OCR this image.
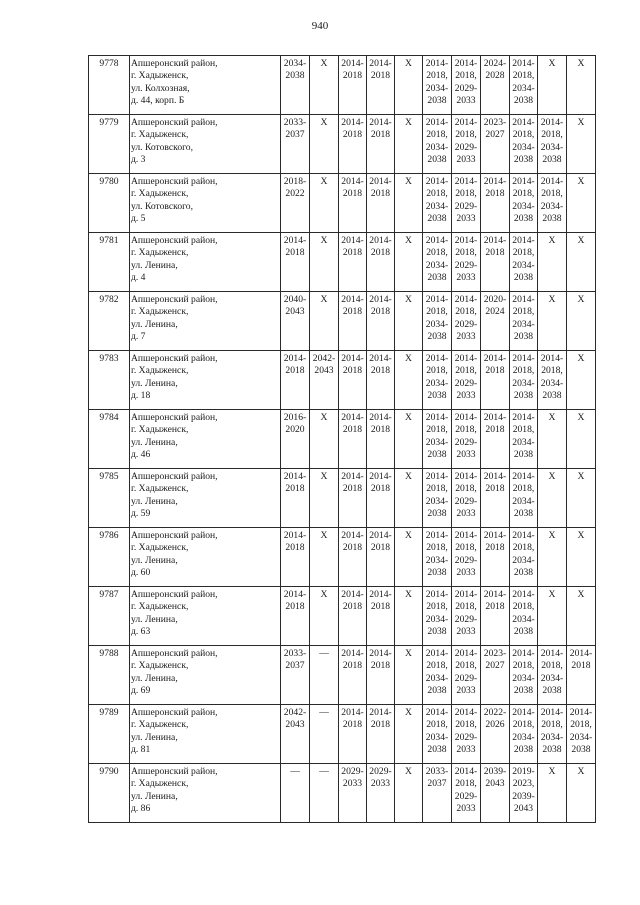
940
9778	Апшеронский район,
г. Хадыженск,
ул. Колхозная,
д. 44, корп. Б	2034-
2038	Х	2014-
2018	2014-
2018	Х	2014-
2018,
2034-
2038	2014-
2018,
2029-
2033	2024-
2028	2014-
2018,
2034-
2038	Х	Х

9779	Апшеронский район,
г. Хадыженск,
ул. Котовского,
д. 3	2033-
2037	Х	2014-
2018	2014-
2018	Х	2014-
2018,
2034-
2038	2014-
2018,
2029-
2033	2023-
2027	2014-
2018,
2034-
2038	2014-
2018,
2034-
2038	Х

9780	Апшеронский район,
г. Хадыженск,
ул. Котовского,
д. 5	2018-
2022	Х	2014-
2018	2014-
2018	Х	2014-
2018,
2034-
2038	2014-
2018,
2029-
2033	2014-
2018	2014-
2018,
2034-
2038	2014-
2018,
2034-
2038	Х

9781	Апшеронский район,
г. Хадыженск,
ул. Ленина,
д. 4	2014-
2018	Х	2014-
2018	2014-
2018	Х	2014-
2018,
2034-
2038	2014-
2018,
2029-
2033	2014-
2018	2014-
2018,
2034-
2038	Х	Х

9782	Апшеронский район,
г. Хадыженск,
ул. Ленина,
д. 7	2040-
2043	Х	2014-
2018	2014-
2018	Х	2014-
2018,
2034-
2038	2014-
2018,
2029-
2033	2020-
2024	2014-
2018,
2034-
2038	Х	Х

9783	Апшеронский район,
г. Хадыженск,
ул. Ленина,
д. 18	2014-
2018	2042-
2043	2014-
2018	2014-
2018	Х	2014-
2018,
2034-
2038	2014-
2018,
2029-
2033	2014-
2018	2014-
2018,
2034-
2038	2014-
2018,
2034-
2038	Х

9784	Апшеронский район,
г. Хадыженск,
ул. Ленина,
д. 46	2016-
2020	Х	2014-
2018	2014-
2018	Х	2014-
2018,
2034-
2038	2014-
2018,
2029-
2033	2014-
2018	2014-
2018,
2034-
2038	Х	Х

9785	Апшеронский район,
г. Хадыженск,
ул. Ленина,
д. 59	2014-
2018	Х	2014-
2018	2014-
2018	Х	2014-
2018,
2034-
2038	2014-
2018,
2029-
2033	2014-
2018	2014-
2018,
2034-
2038	Х	Х

9786	Апшеронский район,
г. Хадыженск,
ул. Ленина,
д. 60	2014-
2018	Х	2014-
2018	2014-
2018	Х	2014-
2018,
2034-
2038	2014-
2018,
2029-
2033	2014-
2018	2014-
2018,
2034-
2038	Х	Х

9787	Апшеронский район,
г. Хадыженск,
ул. Ленина,
д. 63	2014-
2018	Х	2014-
2018	2014-
2018	Х	2014-
2018,
2034-
2038	2014-
2018,
2029-
2033	2014-
2018	2014-
2018,
2034-
2038	Х	Х

9788	Апшеронский район,
г. Хадыженск,
ул. Ленина,
д. 69	2033-
2037	—	2014-
2018	2014-
2018	Х	2014-
2018,
2034-
2038	2014-
2018,
2029-
2033	2023-
2027	2014-
2018,
2034-
2038	2014-
2018,
2034-
2038	2014-
2018

9789	Апшеронский район,
г. Хадыженск,
ул. Ленина,
д. 81	2042-
2043	—	2014-
2018	2014-
2018	Х	2014-
2018,
2034-
2038	2014-
2018,
2029-
2033	2022-
2026	2014-
2018,
2034-
2038	2014-
2018,
2034-
2038	2014-
2018,
2034-
2038

9790	Апшеронский район,
г. Хадыженск,
ул. Ленина,
д. 86	—	—	2029-
2033	2029-
2033	Х	2033-
2037	2014-
2018,
2029-
2033	2039-
2043	2019-
2023,
2039-
2043	Х	Х
